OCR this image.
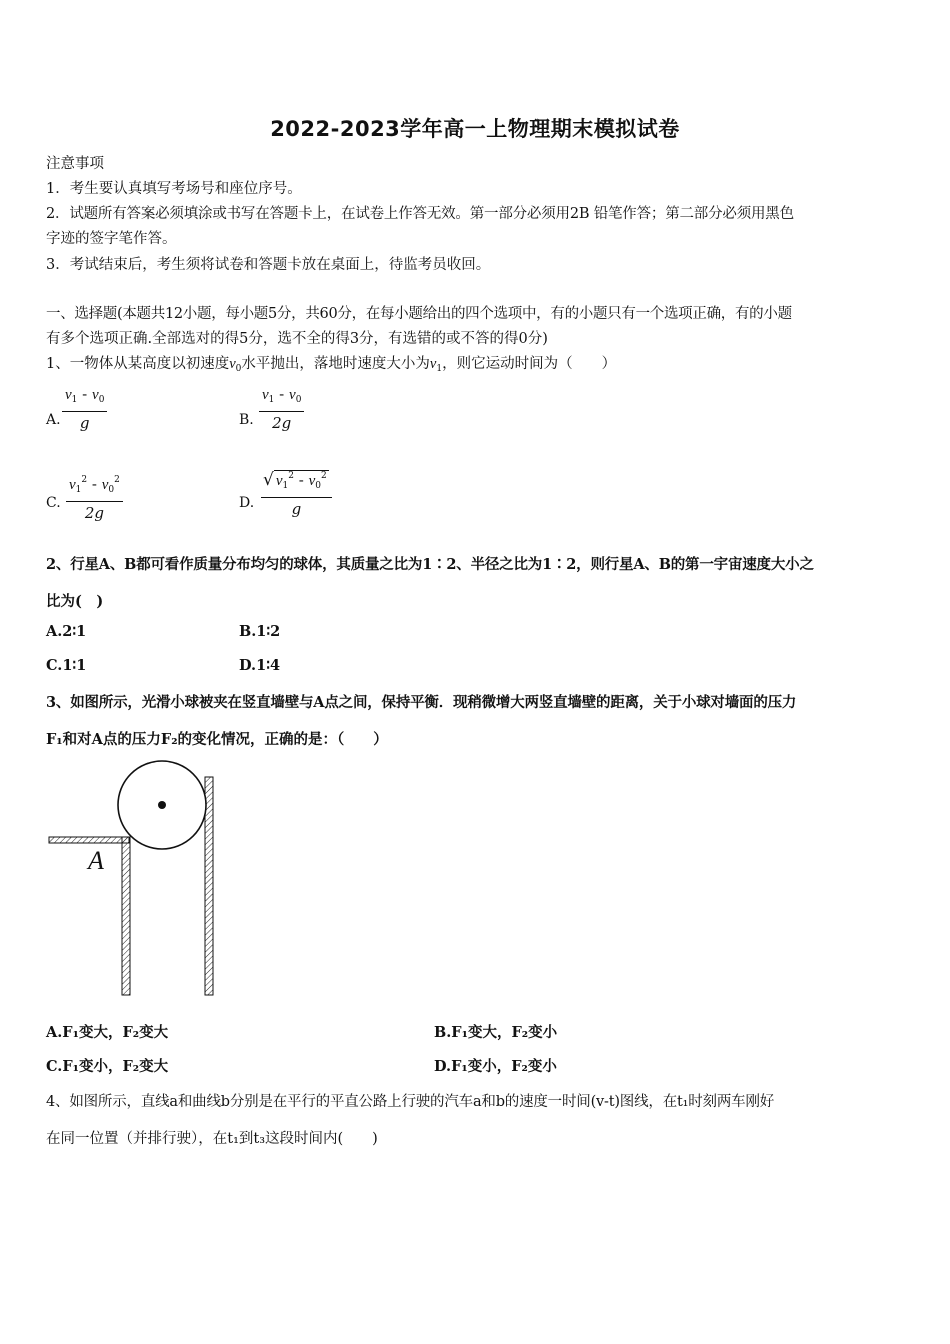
2022-2023学年高一上物理期末模拟试卷
注意事项
1．考生要认真填写考场号和座位序号。
2．试题所有答案必须填涂或书写在答题卡上，在试卷上作答无效。第一部分必须用2B 铅笔作答；第二部分必须用黑色
字迹的签字笔作答。
3．考试结束后，考生须将试卷和答题卡放在桌面上，待监考员收回。
一、选择题(本题共12小题，每小题5分，共60分，在每小题给出的四个选项中，有的小题只有一个选项正确，有的小题
有多个选项正确.全部选对的得5分，选不全的得3分，有选错的或不答的得0分)
1、一物体从某高度以初速度$v_0$水平抛出，落地时速度大小为$v_1$，则它运动时间为（　　）
A. $\frac{v_1 - v_0}{g}$	B. $\frac{v_1 - v_0}{2g}$
C. $\frac{v_1^2 - v_0^2}{2g}$	D. $\frac{√ v_1^2 - v_0^2}{g}$
2、行星A、B都可看作质量分布均匀的球体，其质量之比为1∶2、半径之比为1∶2，则行星A、B的第一宇宙速度大小之
比为(　)
A.2∶1	B.1∶2
C.1∶1	D.1∶4
3、如图所示，光滑小球被夹在竖直墙壁与A点之间，保持平衡．现稍微增大两竖直墙壁的距离，关于小球对墙面的压力
F₁和对A点的压力F₂的变化情况，正确的是：（　　）
A
A.F₁变大，F₂变大	B.F₁变大，F₂变小
C.F₁变小，F₂变大	D.F₁变小，F₂变小
4、如图所示，直线a和曲线b分别是在平行的平直公路上行驶的汽车a和b的速度一时间(v-t)图线，在t₁时刻两车刚好
在同一位置（并排行驶），在t₁到t₃这段时间内(　　)
